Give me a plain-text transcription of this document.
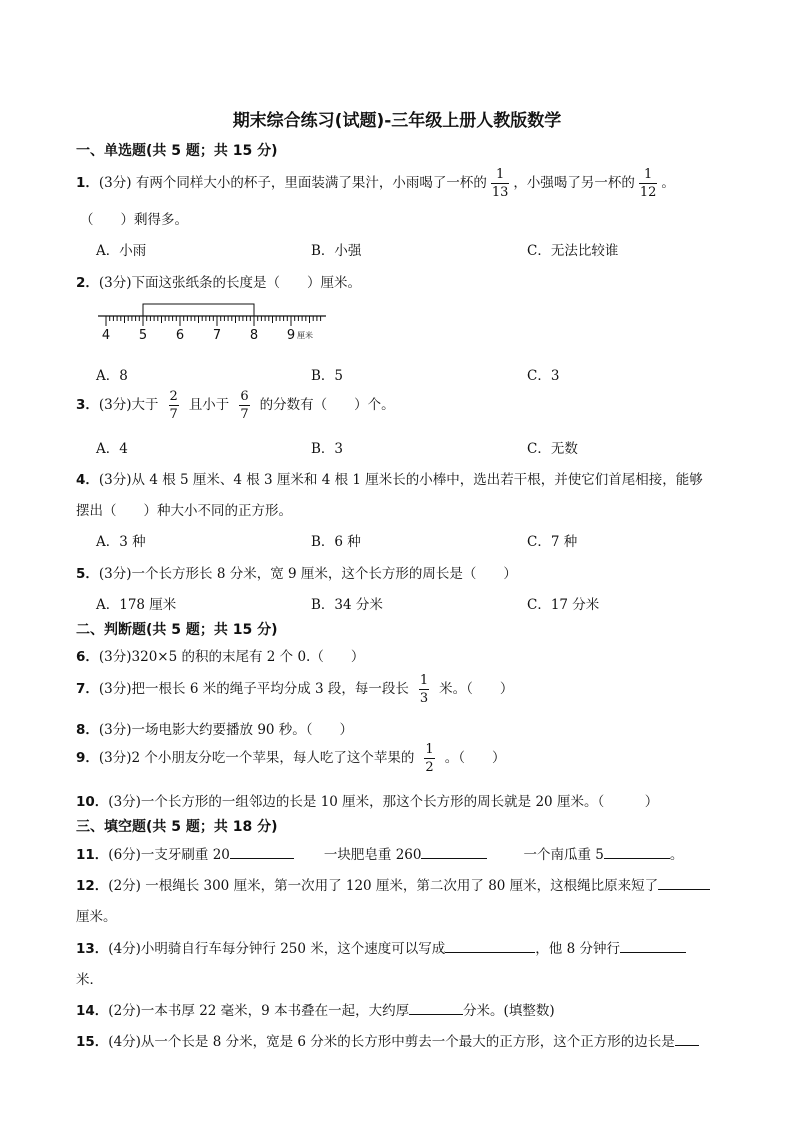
期末综合练习(试题)-三年级上册人教版数学
一、单选题(共 5 题；共 15 分)
1．(3分) 有两个同样大小的杯子，里面装满了果汁，小雨喝了一杯的 $\frac{1}{13}$ ，小强喝了另一杯的 $\frac{1}{12}$ 。
（　　）剩得多。
A．小雨	B．小强	C．无法比较谁
2．(3分)下面这张纸条的长度是（　　）厘米。
4 5 6 7 8 9 厘米
A．8	B．5	C．3
3．(3分)大于 $\frac{2}{7}$ 且小于 $\frac{6}{7}$ 的分数有（　　）个。
A．4	B．3	C．无数
4．(3分)从 4 根 5 厘米、4 根 3 厘米和 4 根 1 厘米长的小棒中，选出若干根，并使它们首尾相接，能够
摆出（　　）种大小不同的正方形。
A．3 种	B．6 种	C．7 种
5．(3分)一个长方形长 8 分米，宽 9 厘米，这个长方形的周长是（　　）
A．178 厘米	B．34 分米	C．17 分米
二、判断题(共 5 题；共 15 分)
6．(3分)320×5 的积的末尾有 2 个 0.（　　）
7．(3分)把一根长 6 米的绳子平均分成 3 段，每一段长 $\frac{1}{3}$ 米。（　　）
8．(3分)一场电影大约要播放 90 秒。（　　）
9．(3分)2 个小朋友分吃一个苹果，每人吃了这个苹果的 $\frac{1}{2}$ 。（　　）
10．(3分)一个长方形的一组邻边的长是 10 厘米，那这个长方形的周长就是 20 厘米。（　　　）
三、填空题(共 5 题；共 18 分)
11．(6分)一支牙刷重 20	一块肥皂重 260	一个南瓜重 5	。
12．(2分) 一根绳长 300 厘米，第一次用了 120 厘米，第二次用了 80 厘米，这根绳比原来短了
厘米。
13．(4分)小明骑自行车每分钟行 250 米，这个速度可以写成	，他 8 分钟行
米．
14．(2分)一本书厚 22 毫米，9 本书叠在一起，大约厚	分米。(填整数)
15．(4分)从一个长是 8 分米，宽是 6 分米的长方形中剪去一个最大的正方形，这个正方形的边长是
